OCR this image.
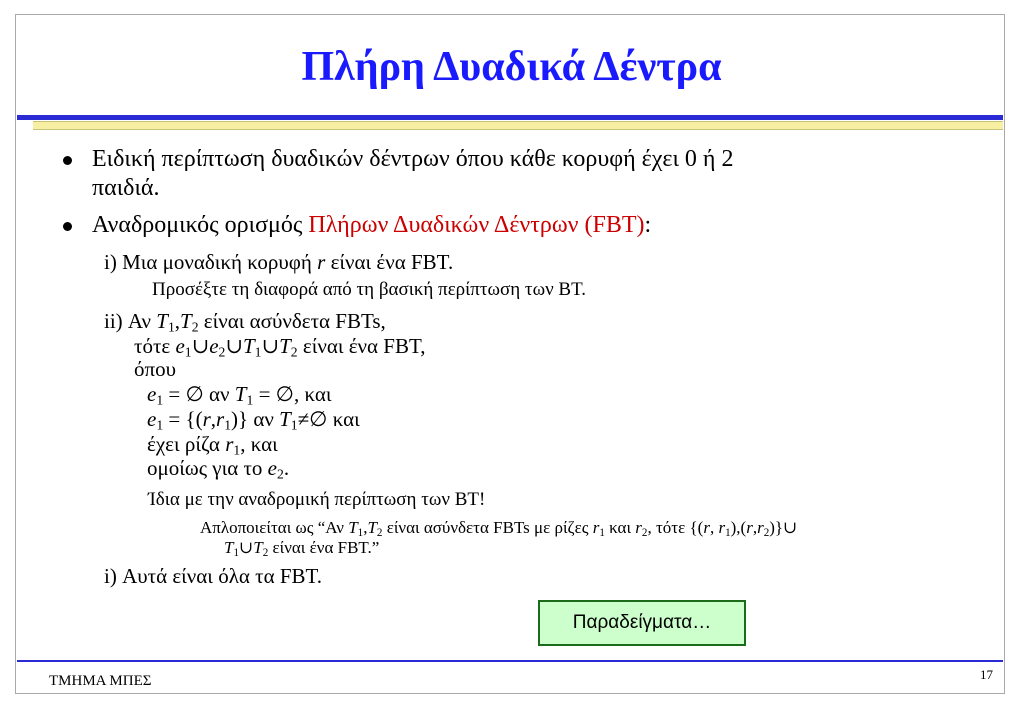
Πλήρη Δυαδικά Δέντρα
Ειδική περίπτωση δυαδικών δέντρων όπου κάθε κορυφή έχει 0 ή 2
παιδιά.
Αναδρομικός ορισμός Πλήρων Δυαδικών Δέντρων (FBT):
i) Μια μοναδική κορυφή r είναι ένα FBT.
Προσέξτε τη διαφορά από τη βασική περίπτωση των ΒΤ.
ii) Αν $T_1,T_2$ είναι ασύνδετα FBTs,
τότε $e_1\cup e_2\cup T_1\cup T_2$ είναι ένα FBT,
όπου
$e_1$ = ∅ αν $T_1$ = ∅, και
$e_1 = \{(r,r_1)\}$ αν $T_1\ne\emptyset$ και
έχει ρίζα $r_1$, και
ομοίως για το $e_2$.
Ίδια με την αναδρομική περίπτωση των ΒΤ!
Απλοποιείται ως “Αν $T_1,T_2$ είναι ασύνδετα FBTs με ρίζες $r_1$ και $r_2$, τότε {(r, $r_1),(r,r_2)\}\cup$
$T_1\cup T_2$ είναι ένα FBT.”
i) Αυτά είναι όλα τα FBT.
Παραδείγματα…
ΤΜΗΜΑ ΜΠΕΣ	17
